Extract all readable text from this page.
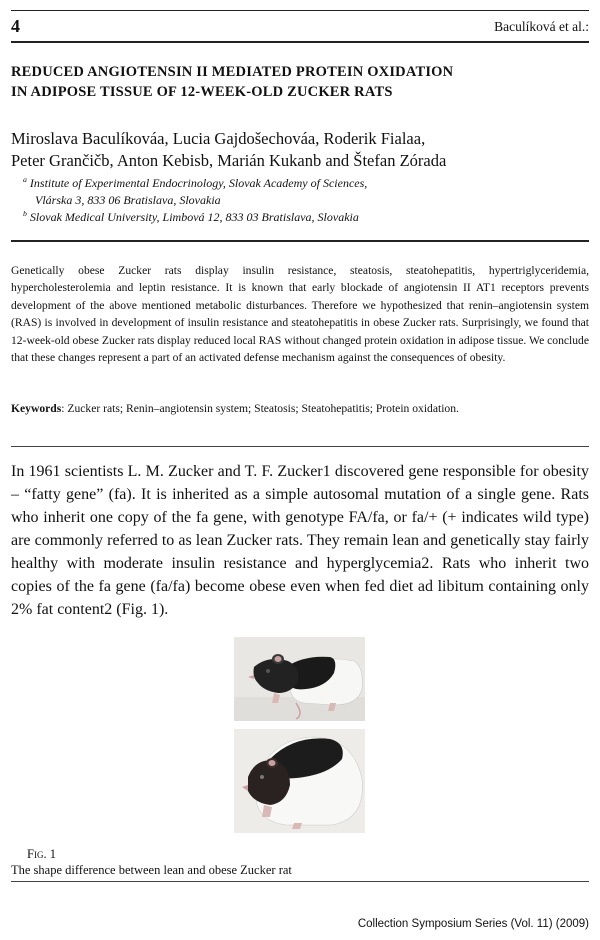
4	Baculíková et al.:
REDUCED ANGIOTENSIN II MEDIATED PROTEIN OXIDATION
IN ADIPOSE TISSUE OF 12-WEEK-OLD ZUCKER RATS
Miroslava Baculíkováa, Lucia Gajdošechováa, Roderik Fialaa,
Peter Grančičb, Anton Kebisb, Marián Kukanb and Štefan Zórada
$^a$ Institute of Experimental Endocrinology, Slovak Academy of Sciences,
Vlárska 3, 833 06 Bratislava, Slovakia
$^b$ Slovak Medical University, Limbová 12, 833 03 Bratislava, Slovakia
Genetically obese Zucker rats display insulin resistance, steatosis, steatohepatitis, hypertriglyceridemia, hypercholesterolemia and leptin resistance. It is known that early blockade of angiotensin II AT1 receptors prevents development of the above mentioned metabolic disturbances. Therefore we hypothesized that renin–angiotensin system (RAS) is involved in development of insulin resistance and steatohepatitis in obese Zucker rats. Surprisingly, we found that 12-week-old obese Zucker rats display reduced local RAS without changed protein oxidation in adipose tissue. We conclude that these changes represent a part of an activated defense mechanism against the consequences of obesity.
Keywords: Zucker rats; Renin–angiotensin system; Steatosis; Steatohepatitis; Protein oxidation.
In 1961 scientists L. M. Zucker and T. F. Zucker1 discovered gene responsible for obesity – “fatty gene” (fa). It is inherited as a simple autosomal mutation of a single gene. Rats who inherit one copy of the fa gene, with genotype FA/fa, or fa/+ (+ indicates wild type) are commonly referred to as lean Zucker rats. They remain lean and genetically stay fairly healthy with moderate insulin resistance and hyperglycemia2. Rats who inherit two copies of the fa gene (fa/fa) become obese even when fed diet ad libitum containing only 2% fat content2 (Fig. 1).
Fig. 1
The shape difference between lean and obese Zucker rat
Collection Symposium Series (Vol. 11) (2009)
